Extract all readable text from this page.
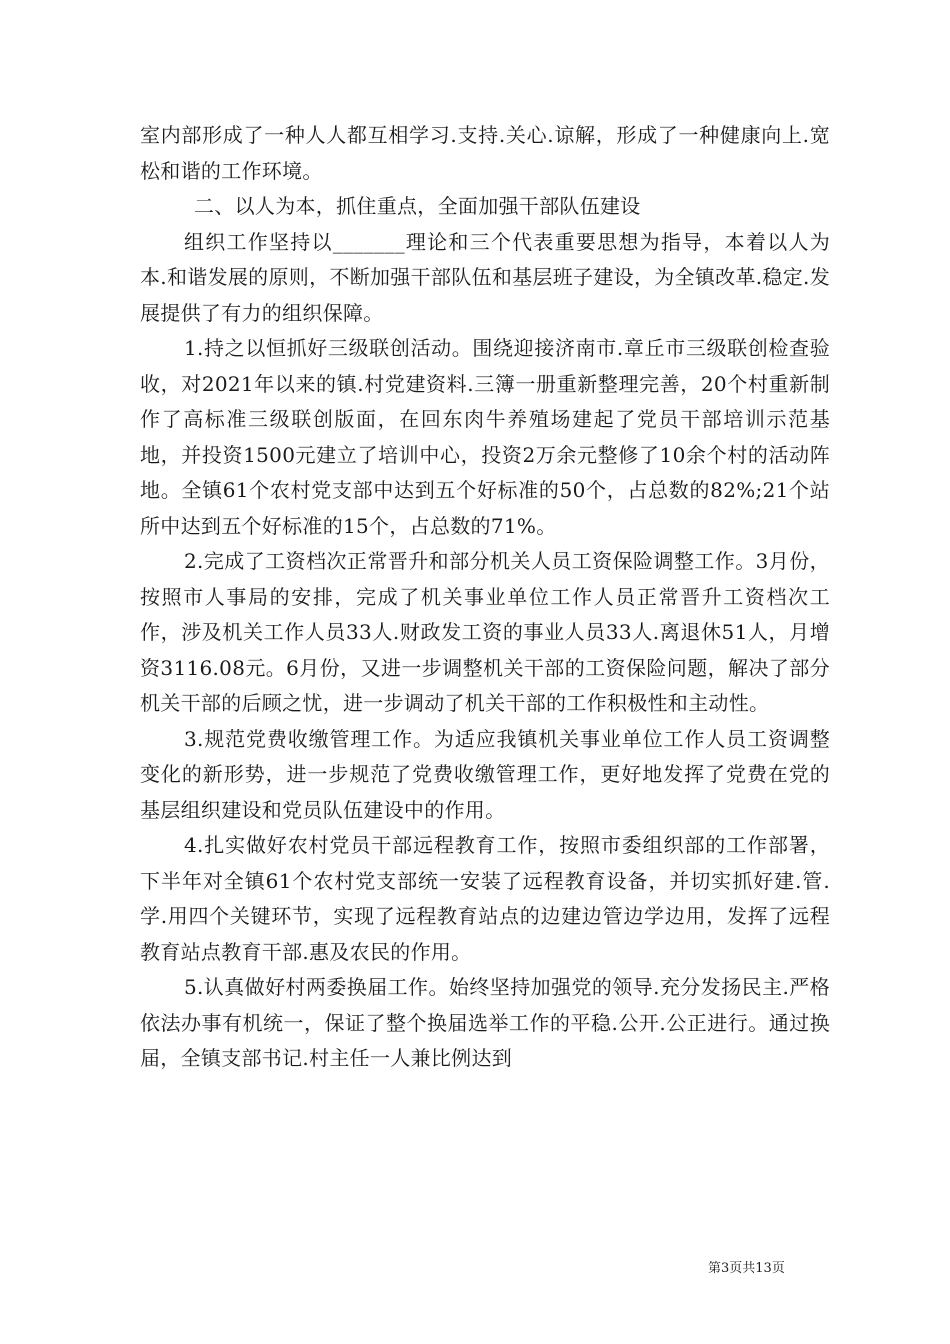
室内部形成了一种人人都互相学习.支持.关心.谅解，形成了一种健康向上.宽松和谐的工作环境。

二、以人为本，抓住重点，全面加强干部队伍建设

组织工作坚持以_______理论和三个代表重要思想为指导，本着以人为本.和谐发展的原则，不断加强干部队伍和基层班子建设，为全镇改革.稳定.发展提供了有力的组织保障。

1.持之以恒抓好三级联创活动。围绕迎接济南市.章丘市三级联创检查验收，对2021年以来的镇.村党建资料.三簿一册重新整理完善，20个村重新制作了高标准三级联创版面，在回东肉牛养殖场建起了党员干部培训示范基地，并投资1500元建立了培训中心，投资2万余元整修了10余个村的活动阵地。全镇61个农村党支部中达到五个好标准的50个，占总数的82%;21个站所中达到五个好标准的15个，占总数的71%。

2.完成了工资档次正常晋升和部分机关人员工资保险调整工作。3月份，按照市人事局的安排，完成了机关事业单位工作人员正常晋升工资档次工作，涉及机关工作人员33人.财政发工资的事业人员33人.离退休51人，月增资3116.08元。6月份，又进一步调整机关干部的工资保险问题，解决了部分机关干部的后顾之忧，进一步调动了机关干部的工作积极性和主动性。

3.规范党费收缴管理工作。为适应我镇机关事业单位工作人员工资调整变化的新形势，进一步规范了党费收缴管理工作，更好地发挥了党费在党的基层组织建设和党员队伍建设中的作用。

4.扎实做好农村党员干部远程教育工作，按照市委组织部的工作部署，下半年对全镇61个农村党支部统一安装了远程教育设备，并切实抓好建.管.学.用四个关键环节，实现了远程教育站点的边建边管边学边用，发挥了远程教育站点教育干部.惠及农民的作用。

5.认真做好村两委换届工作。始终坚持加强党的领导.充分发扬民主.严格依法办事有机统一，保证了整个换届选举工作的平稳.公开.公正进行。通过换届，全镇支部书记.村主任一人兼比例达到

第3页共13页
